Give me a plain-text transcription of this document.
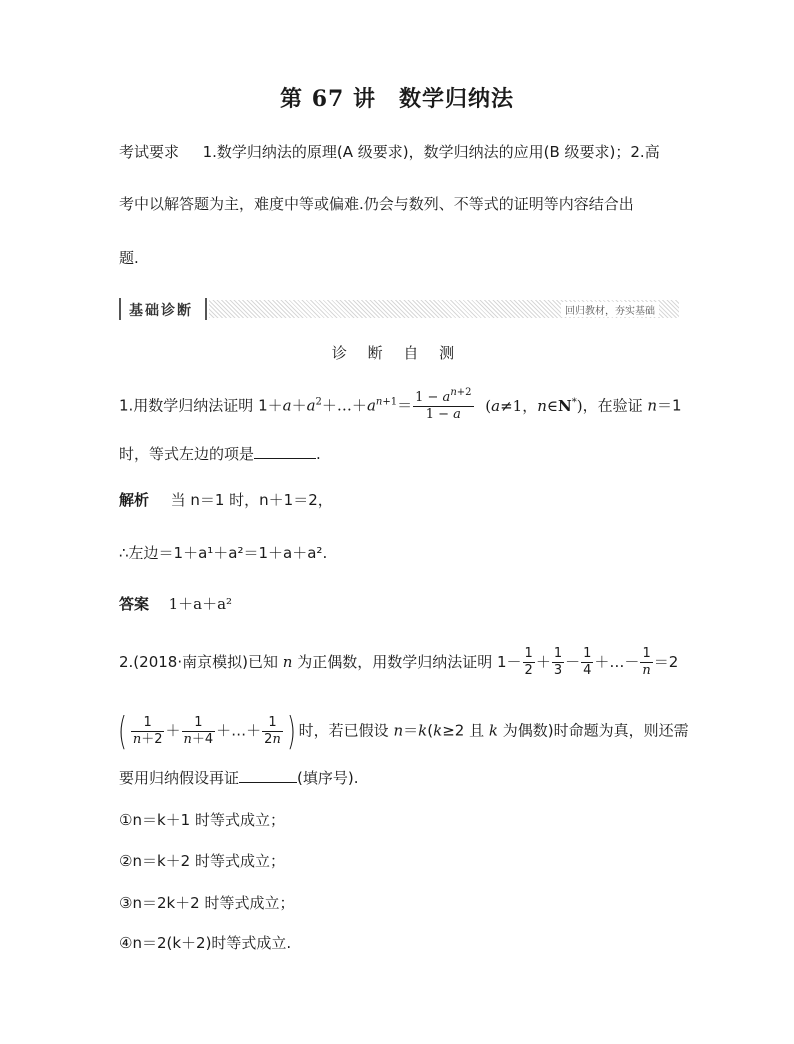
第 67 讲　数学归纳法
考试要求 1.数学归纳法的原理(A 级要求)，数学归纳法的应用(B 级要求)；2.高
考中以解答题为主，难度中等或偏难.仍会与数列、不等式的证明等内容结合出
题.
基础诊断	回归教材，夯实基础
诊 断 自 测
1.用数学归纳法证明 $1+a+a^2+\dots+a^{n+1}= \frac{1 - a^{n+2}}{1 - a} (a\ne 1$，n∈N*)，在验证 n＝1
时，等式左边的项是	.
解析 当 n＝1 时，n＋1＝2，
∴左边＝1＋a¹＋a²＝1＋a＋a².
答案 1＋a＋a²
2.(2018·南京模拟)已知 n 为正偶数，用数学归纳法证明 $1- \frac{1}{2} + \frac{1}{3} - \frac{1}{4}$ ＋…－ $\frac{1}{n} =2$
( $\frac{1}{n+2} + \frac{1}{n+4}$ ＋…＋ $\frac{1}{2n}$ ) 时，若已假设 n＝k(k≥2 且 k 为偶数)时命题为真，则还需
要用归纳假设再证	(填序号).
①n＝k＋1 时等式成立；
②n＝k＋2 时等式成立；
③n＝2k＋2 时等式成立；
④n＝2(k＋2)时等式成立.
